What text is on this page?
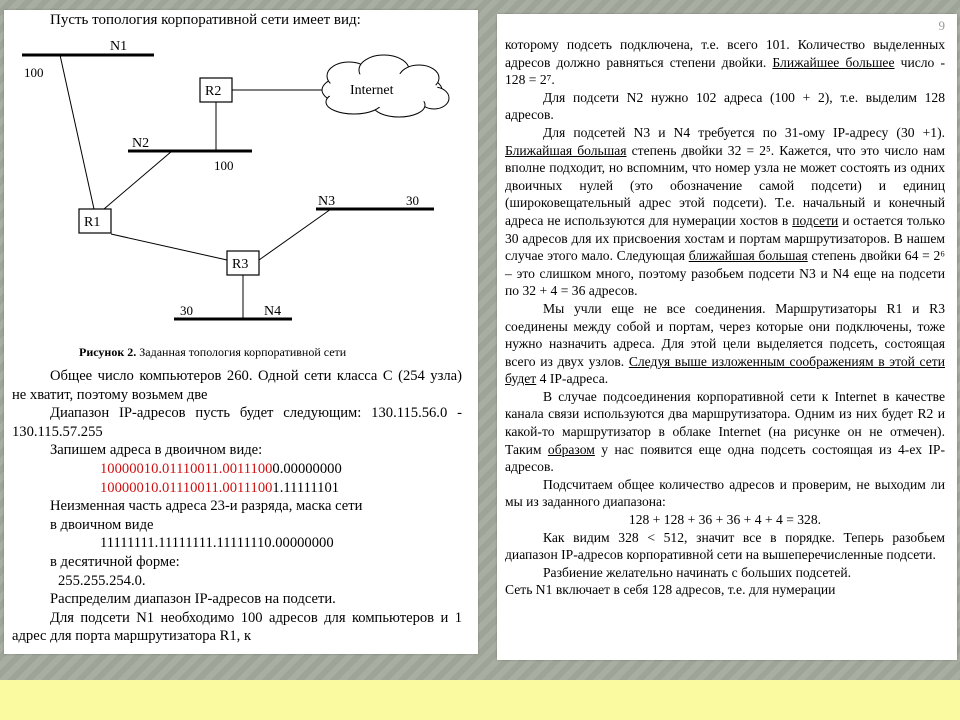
Пусть топология корпоративной сети имеет вид:
N1
100
R2	Internet
N2
100
R1
N3	30
R3
30	N4
Рисунок 2. Заданная топология корпоративной сети

Общее число компьютеров 260. Одной сети класса С (254 узла) не хватит, поэтому возьмем две

Диапазон IP-адресов пусть будет следующим: 130.115.56.0 - 130.115.57.255

Запишем адреса в двоичном виде:

10000010.01110011.00111000.00000000

10000010.01110011.00111001.11111101

Неизменная часть адреса 23-и разряда, маска сети

в двоичном виде

11111111.11111111.11111110.00000000

в десятичной форме:

255.255.254.0.

Распределим диапазон IP-адресов на подсети.

Для подсети N1 необходимо 100 адресов для компьютеров и 1 адрес для порта маршрутизатора R1, к

9

которому подсеть подключена, т.е. всего 101. Количество выделенных адресов должно равняться степени двойки. Ближайшее большее число - 128 = 2⁷.

Для подсети N2 нужно 102 адреса (100 + 2), т.е. выделим 128 адресов.

Для подсетей N3 и N4 требуется по 31-ому IP-адресу (30 +1). Ближайшая большая степень двойки 32 = 2⁵. Кажется, что это число нам вполне подходит, но вспомним, что номер узла не может состоять из одних двоичных нулей (это обозначение самой подсети) и единиц (широковещательный адрес этой подсети). Т.е. начальный и конечный адреса не используются для нумерации хостов в подсети и остается только 30 адресов для их присвоения хостам и портам маршрутизаторов. В нашем случае этого мало. Следующая ближайшая большая степень двойки 64 = 2⁶ – это слишком много, поэтому разобьем подсети N3 и N4 еще на подсети по 32 + 4 = 36 адресов.

Мы учли еще не все соединения. Маршрутизаторы R1 и R3 соединены между собой и портам, через которые они подключены, тоже нужно назначить адреса. Для этой цели выделяется подсеть, состоящая всего из двух узлов. Следуя выше изложенным соображениям в этой сети будет 4 IP-адреса.

В случае подсоединения корпоративной сети к Internet в качестве канала связи используются два маршрутизатора. Одним из них будет R2 и какой-то маршрутизатор в облаке Internet (на рисунке он не отмечен). Таким образом у нас появится еще одна подсеть состоящая из 4-ех IP-адресов.

Подсчитаем общее количество адресов и проверим, не выходим ли мы из заданного диапазона:

128 + 128 + 36 + 36 + 4 + 4 = 328.

Как видим 328 < 512, значит все в порядке. Теперь разобьем диапазон IP-адресов корпоративной сети на вышеперечисленные подсети.

Разбиение желательно начинать с больших подсетей.

Сеть N1 включает в себя 128 адресов, т.е. для нумерации
